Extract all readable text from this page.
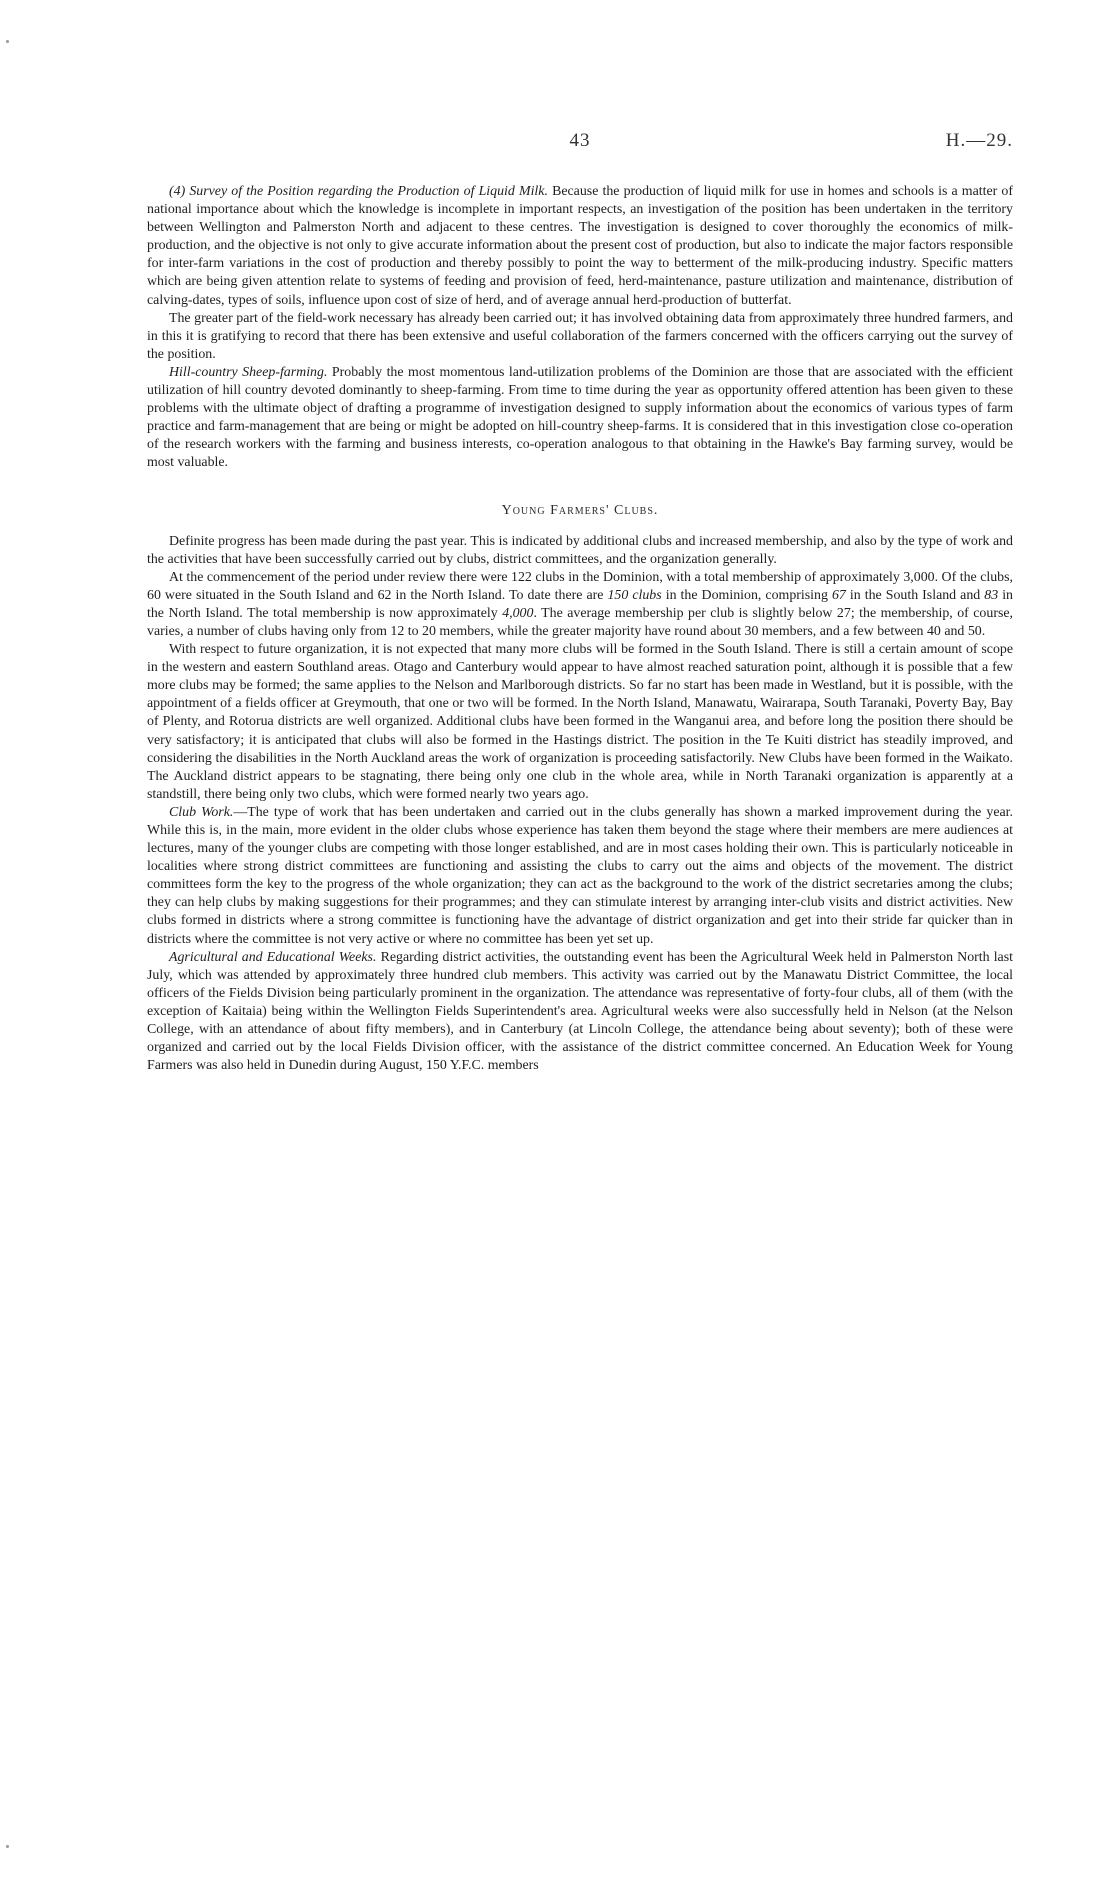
43	H.—29.

(4) Survey of the Position regarding the Production of Liquid Milk. Because the production of liquid milk for use in homes and schools is a matter of national importance about which the knowledge is incomplete in important respects, an investigation of the position has been undertaken in the territory between Wellington and Palmerston North and adjacent to these centres. The investigation is designed to cover thoroughly the economics of milk-production, and the objective is not only to give accurate information about the present cost of production, but also to indicate the major factors responsible for inter-farm variations in the cost of production and thereby possibly to point the way to betterment of the milk-producing industry. Specific matters which are being given attention relate to systems of feeding and provision of feed, herd-maintenance, pasture utilization and maintenance, distribution of calving-dates, types of soils, influence upon cost of size of herd, and of average annual herd-production of butterfat.

The greater part of the field-work necessary has already been carried out; it has involved obtaining data from approximately three hundred farmers, and in this it is gratifying to record that there has been extensive and useful collaboration of the farmers concerned with the officers carrying out the survey of the position.

Hill-country Sheep-farming. Probably the most momentous land-utilization problems of the Dominion are those that are associated with the efficient utilization of hill country devoted dominantly to sheep-farming. From time to time during the year as opportunity offered attention has been given to these problems with the ultimate object of drafting a programme of investigation designed to supply information about the economics of various types of farm practice and farm-management that are being or might be adopted on hill-country sheep-farms. It is considered that in this investigation close co-operation of the research workers with the farming and business interests, co-operation analogous to that obtaining in the Hawke's Bay farming survey, would be most valuable.

Young Farmers' Clubs.

Definite progress has been made during the past year. This is indicated by additional clubs and increased membership, and also by the type of work and the activities that have been successfully carried out by clubs, district committees, and the organization generally.

At the commencement of the period under review there were 122 clubs in the Dominion, with a total membership of approximately 3,000. Of the clubs, 60 were situated in the South Island and 62 in the North Island. To date there are 150 clubs in the Dominion, comprising 67 in the South Island and 83 in the North Island. The total membership is now approximately 4,000. The average membership per club is slightly below 27; the membership, of course, varies, a number of clubs having only from 12 to 20 members, while the greater majority have round about 30 members, and a few between 40 and 50.

With respect to future organization, it is not expected that many more clubs will be formed in the South Island. There is still a certain amount of scope in the western and eastern Southland areas. Otago and Canterbury would appear to have almost reached saturation point, although it is possible that a few more clubs may be formed; the same applies to the Nelson and Marlborough districts. So far no start has been made in Westland, but it is possible, with the appointment of a fields officer at Greymouth, that one or two will be formed. In the North Island, Manawatu, Wairarapa, South Taranaki, Poverty Bay, Bay of Plenty, and Rotorua districts are well organized. Additional clubs have been formed in the Wanganui area, and before long the position there should be very satisfactory; it is anticipated that clubs will also be formed in the Hastings district. The position in the Te Kuiti district has steadily improved, and considering the disabilities in the North Auckland areas the work of organization is proceeding satisfactorily. New Clubs have been formed in the Waikato. The Auckland district appears to be stagnating, there being only one club in the whole area, while in North Taranaki organization is apparently at a standstill, there being only two clubs, which were formed nearly two years ago.

Club Work.—The type of work that has been undertaken and carried out in the clubs generally has shown a marked improvement during the year. While this is, in the main, more evident in the older clubs whose experience has taken them beyond the stage where their members are mere audiences at lectures, many of the younger clubs are competing with those longer established, and are in most cases holding their own. This is particularly noticeable in localities where strong district committees are functioning and assisting the clubs to carry out the aims and objects of the movement. The district committees form the key to the progress of the whole organization; they can act as the background to the work of the district secretaries among the clubs; they can help clubs by making suggestions for their programmes; and they can stimulate interest by arranging inter-club visits and district activities. New clubs formed in districts where a strong committee is functioning have the advantage of district organization and get into their stride far quicker than in districts where the committee is not very active or where no committee has been yet set up.

Agricultural and Educational Weeks. Regarding district activities, the outstanding event has been the Agricultural Week held in Palmerston North last July, which was attended by approximately three hundred club members. This activity was carried out by the Manawatu District Committee, the local officers of the Fields Division being particularly prominent in the organization. The attendance was representative of forty-four clubs, all of them (with the exception of Kaitaia) being within the Wellington Fields Superintendent's area. Agricultural weeks were also successfully held in Nelson (at the Nelson College, with an attendance of about fifty members), and in Canterbury (at Lincoln College, the attendance being about seventy); both of these were organized and carried out by the local Fields Division officer, with the assistance of the district committee concerned. An Education Week for Young Farmers was also held in Dunedin during August, 150 Y.F.C. members
